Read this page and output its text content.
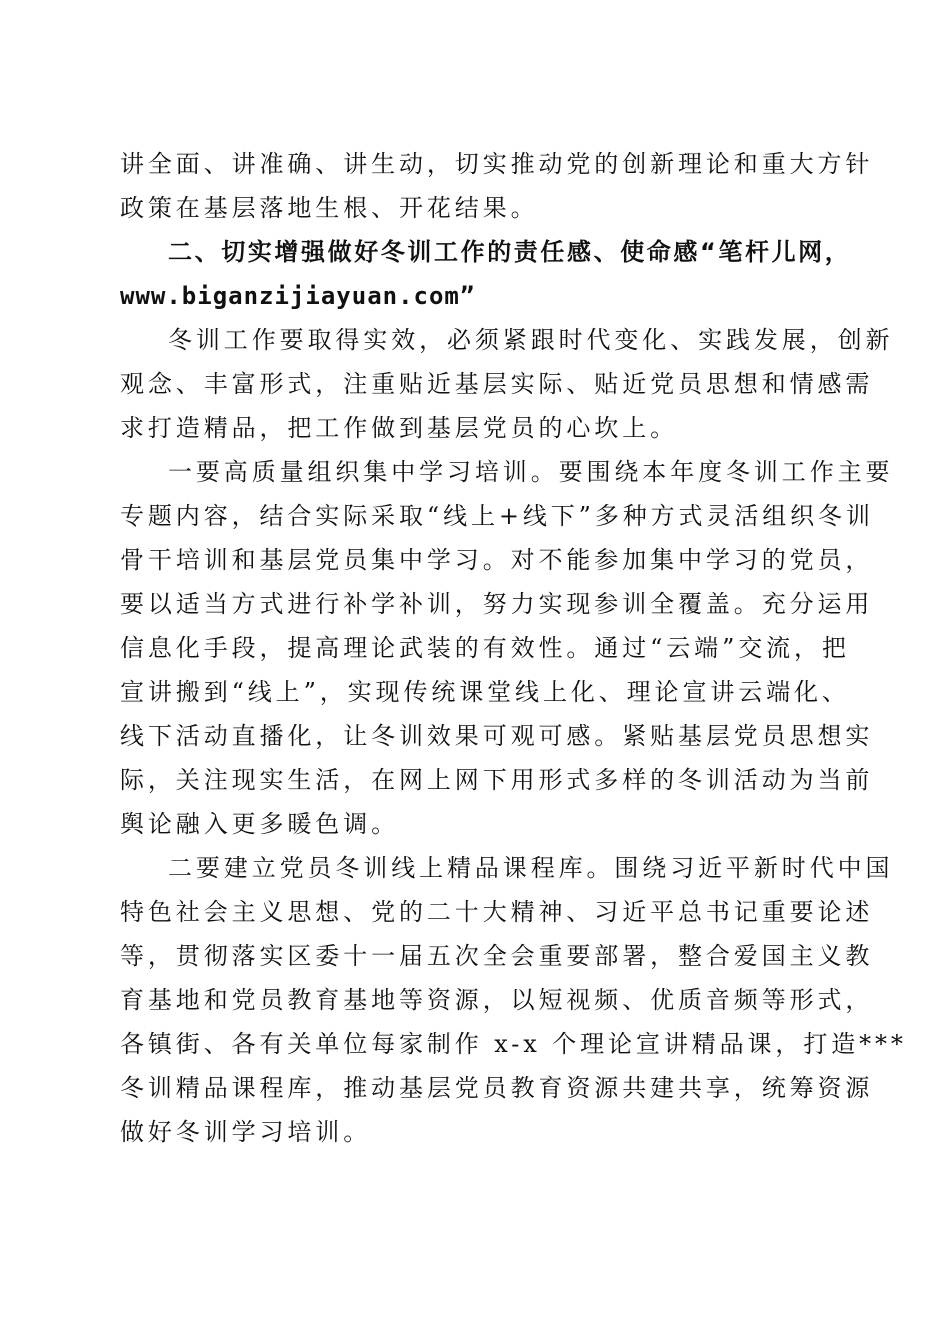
讲全面、讲准确、讲生动，切实推动党的创新理论和重大方针
政策在基层落地生根、开花结果。
二、切实增强做好冬训工作的责任感、使命感“笔杆儿网，
www.biganzijiayuan.com”
冬训工作要取得实效，必须紧跟时代变化、实践发展，创新
观念、丰富形式，注重贴近基层实际、贴近党员思想和情感需
求打造精品，把工作做到基层党员的心坎上。
一要高质量组织集中学习培训。要围绕本年度冬训工作主要
专题内容，结合实际采取“线上+线下”多种方式灵活组织冬训
骨干培训和基层党员集中学习。对不能参加集中学习的党员，
要以适当方式进行补学补训，努力实现参训全覆盖。充分运用
信息化手段，提高理论武装的有效性。通过“云端”交流，把
宣讲搬到“线上”，实现传统课堂线上化、理论宣讲云端化、
线下活动直播化，让冬训效果可观可感。紧贴基层党员思想实
际，关注现实生活，在网上网下用形式多样的冬训活动为当前
舆论融入更多暖色调。
二要建立党员冬训线上精品课程库。围绕习近平新时代中国
特色社会主义思想、党的二十大精神、习近平总书记重要论述
等，贯彻落实区委十一届五次全会重要部署，整合爱国主义教
育基地和党员教育基地等资源，以短视频、优质音频等形式，
各镇街、各有关单位每家制作 x-x 个理论宣讲精品课，打造***
冬训精品课程库，推动基层党员教育资源共建共享，统筹资源
做好冬训学习培训。
